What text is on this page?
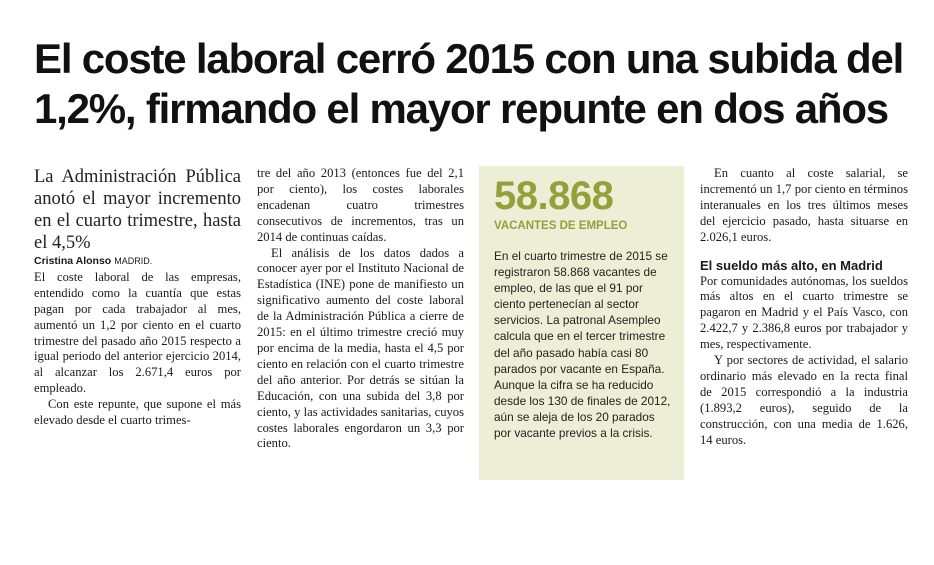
El coste laboral cerró 2015 con una subida del
1,2%, firmando el mayor repunte en dos años

La Administración Pública anotó el mayor incremento en el cuarto trimestre, hasta el 4,5%

Cristina Alonso MADRID.

El coste laboral de las empresas, entendido como la cuantía que estas pagan por cada trabajador al mes, aumentó un 1,2 por ciento en el cuarto trimestre del pasado año 2015 respecto a igual periodo del anterior ejercicio 2014, al alcanzar los 2.671,4 euros por empleado.

Con este repunte, que supone el más elevado desde el cuarto trimes-

tre del año 2013 (entonces fue del 2,1 por ciento), los costes laborales encadenan cuatro trimestres consecutivos de incrementos, tras un 2014 de continuas caídas.

El análisis de los datos dados a conocer ayer por el Instituto Nacional de Estadística (INE) pone de manifiesto un significativo aumento del coste laboral de la Administración Pública a cierre de 2015: en el último trimestre creció muy por encima de la media, hasta el 4,5 por ciento en relación con el cuarto trimestre del año anterior. Por detrás se sitúan la Educación, con una subida del 3,8 por ciento, y las actividades sanitarias, cuyos costes laborales engordaron un 3,3 por ciento.

58.868
VACANTES DE EMPLEO
En el cuarto trimestre de 2015 se registraron 58.868 vacantes de empleo, de las que el 91 por ciento pertenecían al sector servicios. La patronal Asempleo calcula que en el tercer trimestre del año pasado había casi 80 parados por vacante en España. Aunque la cifra se ha reducido desde los 130 de finales de 2012, aún se aleja de los 20 parados por vacante previos a la crisis.

En cuanto al coste salarial, se incrementó un 1,7 por ciento en términos interanuales en los tres últimos meses del ejercicio pasado, hasta situarse en 2.026,1 euros.

El sueldo más alto, en Madrid

Por comunidades autónomas, los sueldos más altos en el cuarto trimestre se pagaron en Madrid y el País Vasco, con 2.422,7 y 2.386,8 euros por trabajador y mes, respectivamente.

Y por sectores de actividad, el salario ordinario más elevado en la recta final de 2015 correspondió a la industria (1.893,2 euros), seguido de la construcción, con una media de 1.626, 14 euros.
